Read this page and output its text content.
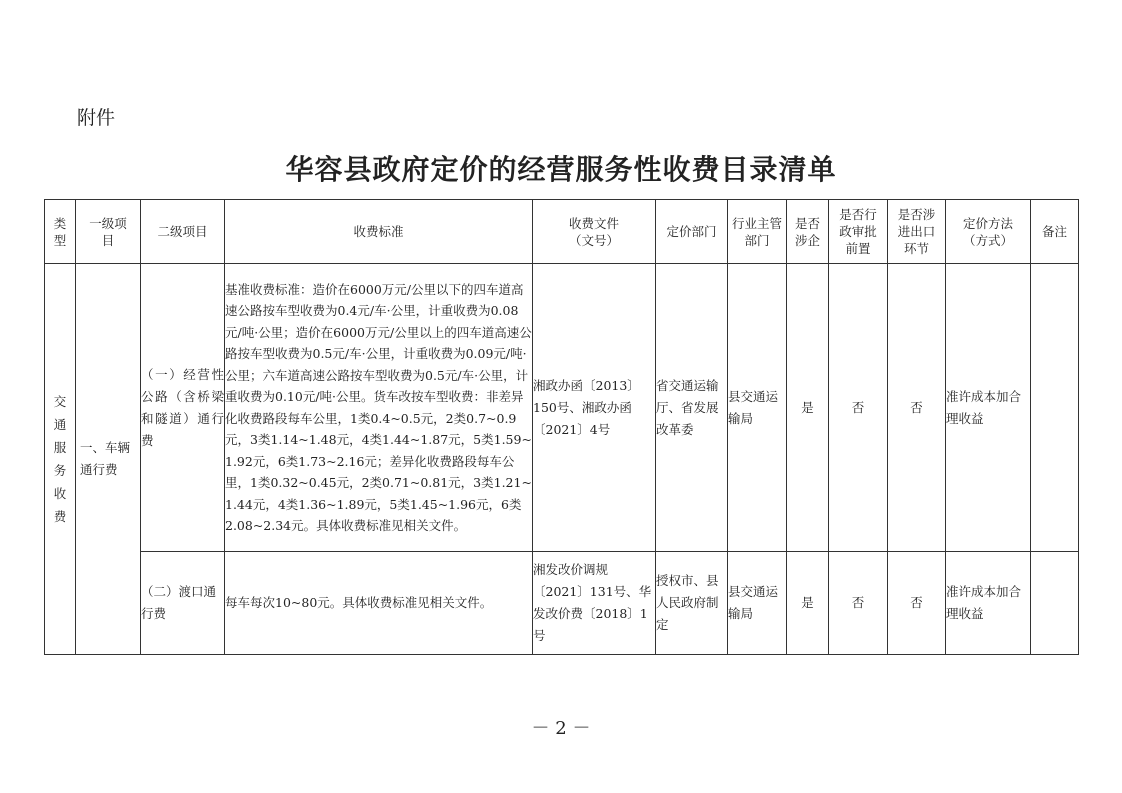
附件
华容县政府定价的经营服务性收费目录清单
类型	一级项目	二级项目	收费标准	收费文件（文号）	定价部门	行业主管部门	是否涉企	是否行政审批前置	是否涉进出口环节	定价方法（方式）	备注

交通服务收费	一、车辆通行费	（一）经营性公路（含桥梁和隧道）通行费	基准收费标准：造价在6000万元/公里以下的四车道高速公路按车型收费为0.4元/车·公里，计重收费为0.08元/吨·公里；造价在6000万元/公里以上的四车道高速公路按车型收费为0.5元/车·公里，计重收费为0.09元/吨·公里；六车道高速公路按车型收费为0.5元/车·公里，计重收费为0.10元/吨·公里。货车改按车型收费：非差异化收费路段每车公里，1类0.4~0.5元，2类0.7~0.9元，3类1.14~1.48元，4类1.44~1.87元，5类1.59~1.92元，6类1.73~2.16元；差异化收费路段每车公里，1类0.32~0.45元，2类0.71~0.81元，3类1.21~1.44元，4类1.36~1.89元，5类1.45~1.96元，6类2.08~2.34元。具体收费标准见相关文件。	湘政办函〔2013〕150号、湘政办函〔2021〕4号	省交通运输厅、省发展改革委	县交通运输局	是	否	否	准许成本加合理收益	
		（二）渡口通行费	每车每次10~80元。具体收费标准见相关文件。	湘发改价调规〔2021〕131号、华发改价费〔2018〕1号	授权市、县人民政府制定	县交通运输局	是	否	否	准许成本加合理收益	
－ 2 －
